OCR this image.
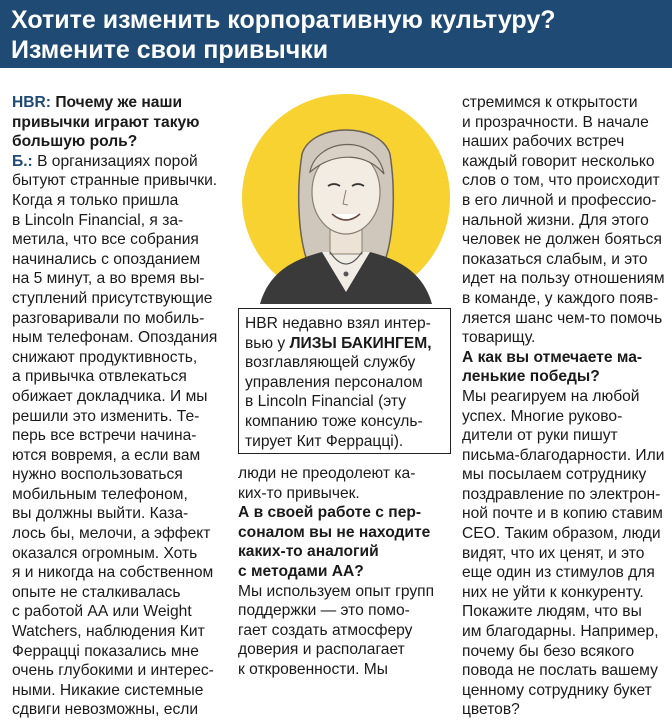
Хотите изменить корпоративную культуру?
Измените свои привычки

HBR: Почему же наши

привычки играют такую

большую роль?

Б.: В организациях порой

бытуют странные привычки.

Когда я только пришла

в Lincoln Financial, я за-

метила, что все собрания

начинались с опозданием

на 5 минут, а во время вы-

ступлений присутствующие

разговаривали по мобиль-

ным телефонам. Опоздания

снижают продуктивность,

а привычка отвлекаться

обижает докладчика. И мы

решили это изменить. Те-

перь все встречи начина-

ются вовремя, а если вам

нужно воспользоваться

мобильным телефоном,

вы должны выйти. Каза-

лось бы, мелочи, а эффект

оказался огромным. Хоть

я и никогда на собственном

опыте не сталкивалась

с работой АА или Weight

Watchers, наблюдения Кит

Ферраццi показались мне

очень глубокими и интерес-

ными. Никакие системные

сдвиги невозможны, если

HBR недавно взял интер-

вью у ЛИЗЫ БАКИНГЕМ,

возглавляющей службу

управления персоналом

в Lincoln Financial (эту

компанию тоже консуль-

тирует Кит Ферраццi).

люди не преодолеют ка-

ких-то привычек.

А в своей работе с пер-

соналом вы не находите

каких-то аналогий

с методами АА?

Мы используем опыт групп

поддержки — это помо-

гает создать атмосферу

доверия и располагает

к откровенности. Мы

стремимся к открытости

и прозрачности. В начале

наших рабочих встреч

каждый говорит несколько

слов о том, что происходит

в его личной и профессио-

нальной жизни. Для этого

человек не должен бояться

показаться слабым, и это

идет на пользу отношениям

в команде, у каждого появ-

ляется шанс чем-то помочь

товарищу.

А как вы отмечаете ма-

ленькие победы?

Мы реагируем на любой

успех. Многие руково-

дители от руки пишут

письма-благодарности. Или

мы посылаем сотруднику

поздравление по электрон-

ной почте и в копию ставим

CEO. Таким образом, люди

видят, что их ценят, и это

еще один из стимулов для

них не уйти к конкуренту.

Покажите людям, что вы

им благодарны. Например,

почему бы безо всякого

повода не послать вашему

ценному сотруднику букет

цветов?
